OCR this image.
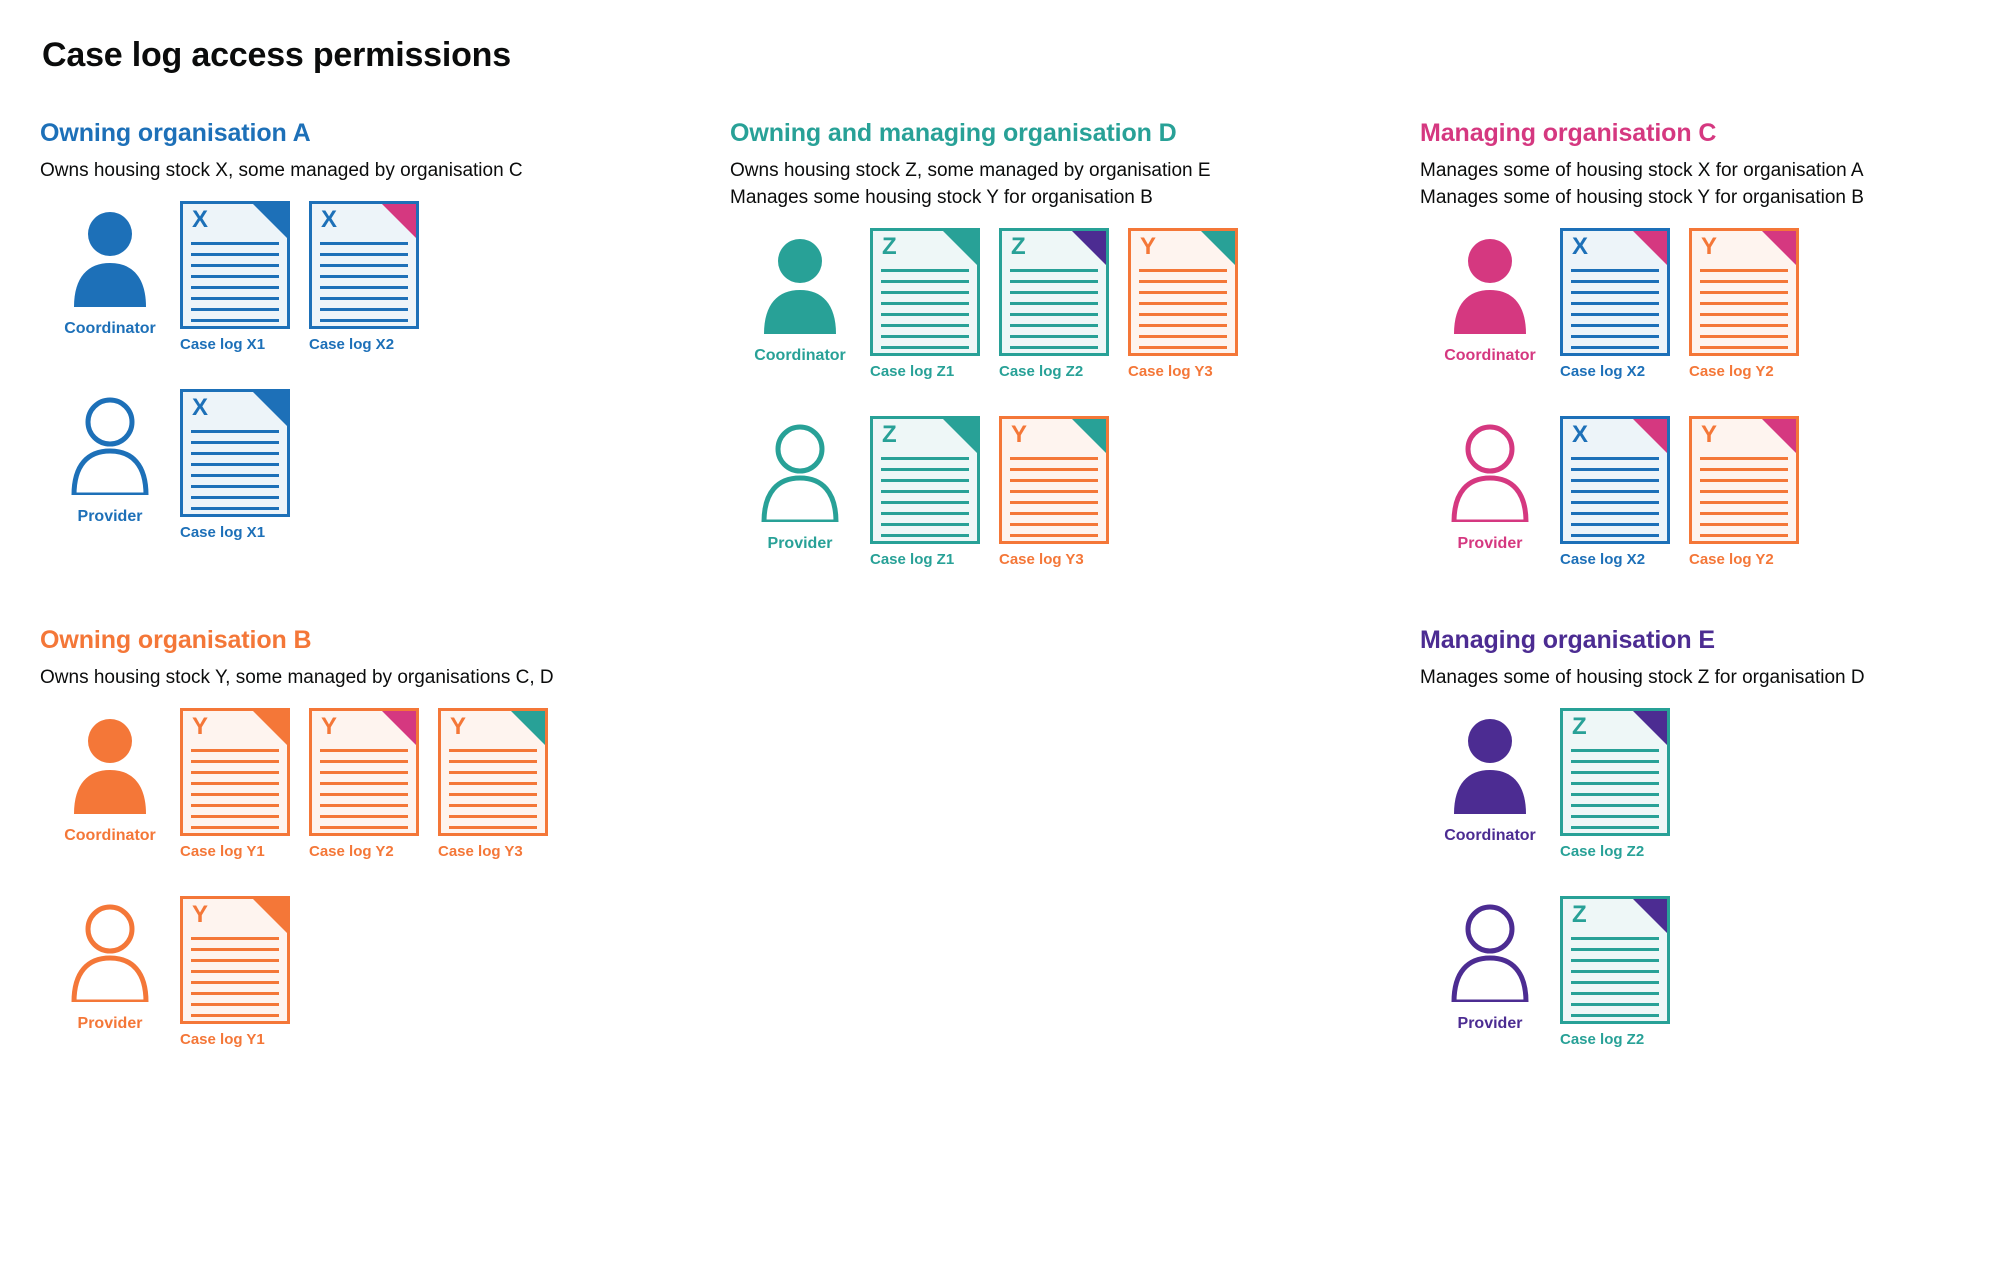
Case log access permissions
Owning organisation A
Owns housing stock X, some managed by organisation C
Coordinator
X
Case log X1
X
Case log X2
Provider
X
Case log X1
Owning and managing organisation D
Owns housing stock Z, some managed by organisation E
Manages some housing stock Y for organisation B
Coordinator
Z
Case log Z1
Z
Case log Z2
Y
Case log Y3
Provider
Z
Case log Z1
Y
Case log Y3
Managing organisation C
Manages some of housing stock X for organisation A
Manages some of housing stock Y for organisation B
Coordinator
X
Case log X2
Y
Case log Y2
Provider
X
Case log X2
Y
Case log Y2
Owning organisation B
Owns housing stock Y, some managed by organisations C, D
Coordinator
Y
Case log Y1
Y
Case log Y2
Y
Case log Y3
Provider
Y
Case log Y1
Managing organisation E
Manages some of housing stock Z for organisation D
Coordinator
Z
Case log Z2
Provider
Z
Case log Z2
